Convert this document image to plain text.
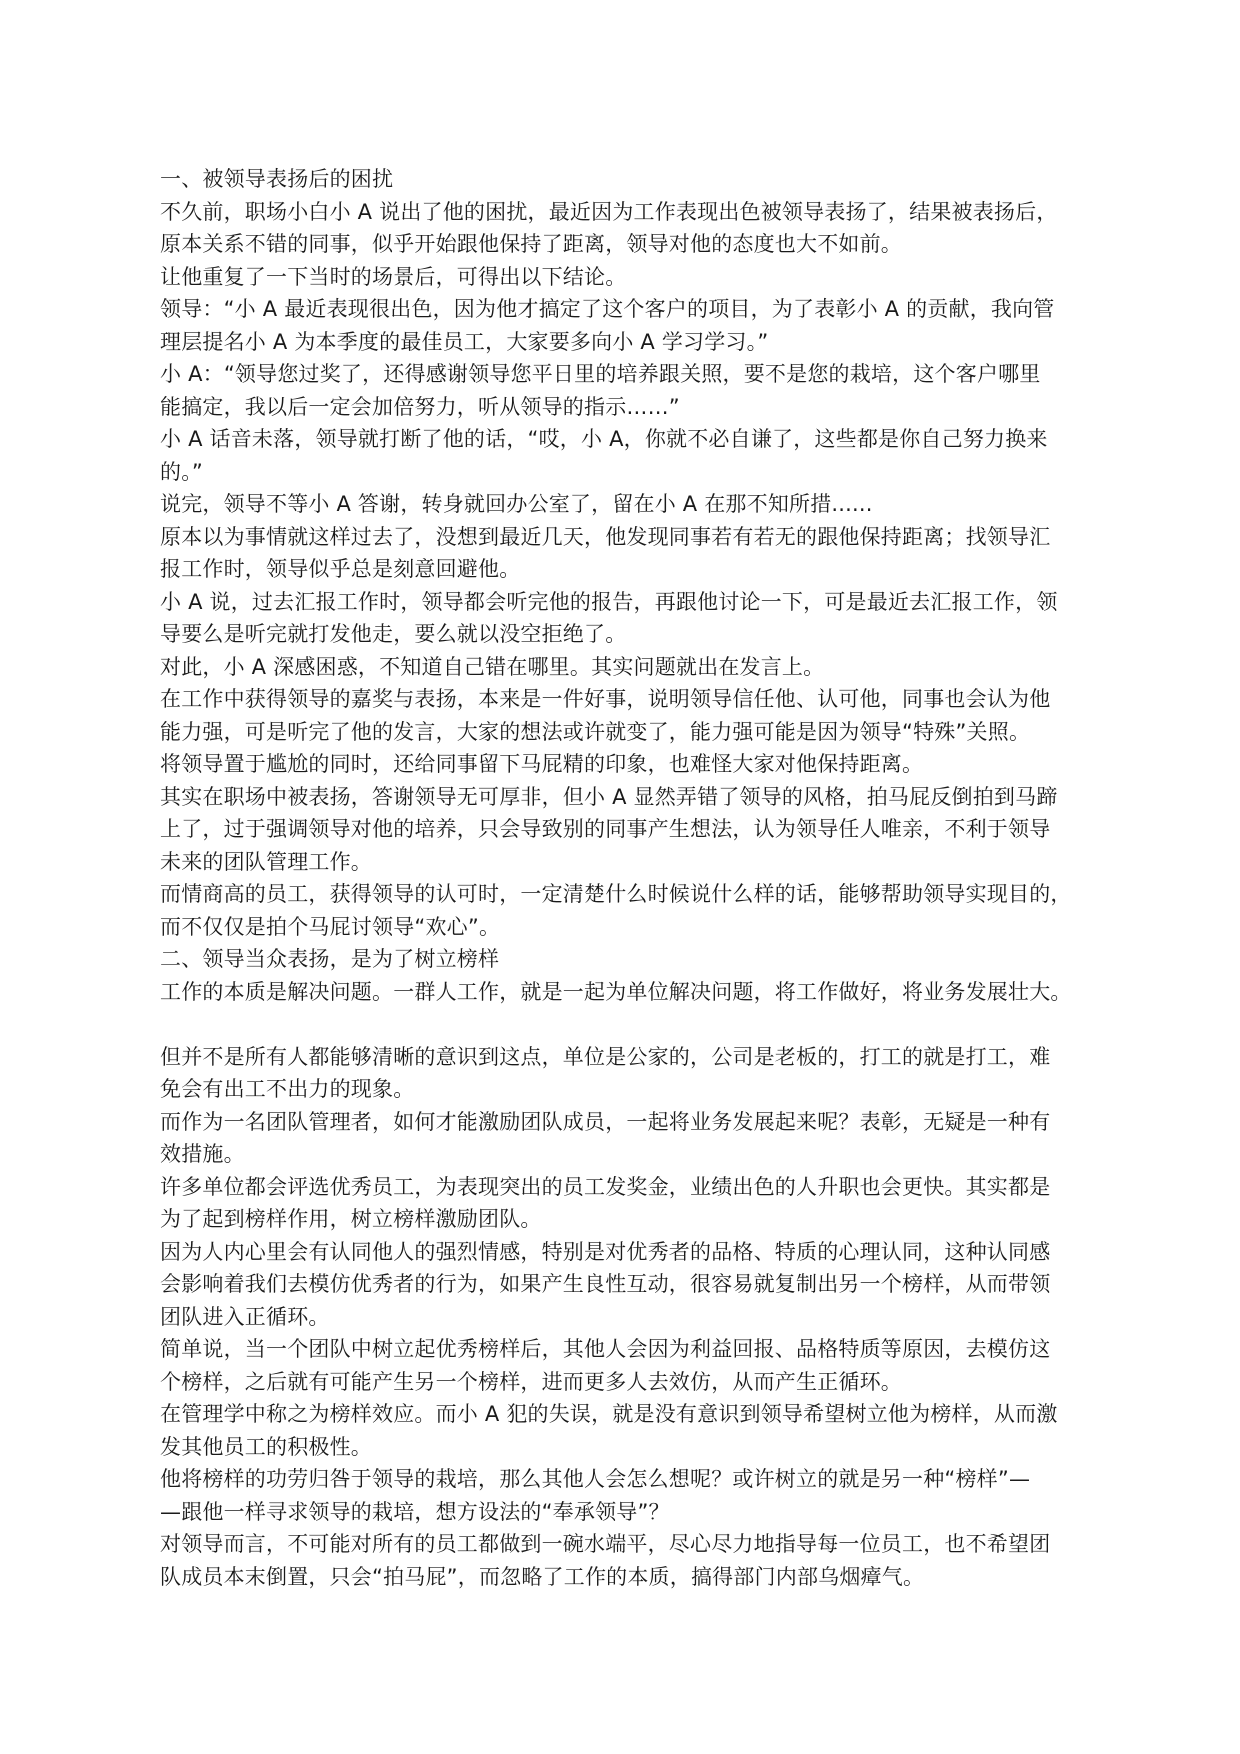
一、被领导表扬后的困扰
不久前，职场小白小 A 说出了他的困扰，最近因为工作表现出色被领导表扬了，结果被表扬后，
原本关系不错的同事，似乎开始跟他保持了距离，领导对他的态度也大不如前。
让他重复了一下当时的场景后，可得出以下结论。
领导：“小 A 最近表现很出色，因为他才搞定了这个客户的项目，为了表彰小 A 的贡献，我向管
理层提名小 A 为本季度的最佳员工，大家要多向小 A 学习学习。”
小 A：“领导您过奖了，还得感谢领导您平日里的培养跟关照，要不是您的栽培，这个客户哪里
能搞定，我以后一定会加倍努力，听从领导的指示……”
小 A 话音未落，领导就打断了他的话，“哎，小 A，你就不必自谦了，这些都是你自己努力换来
的。”
说完，领导不等小 A 答谢，转身就回办公室了，留在小 A 在那不知所措......
原本以为事情就这样过去了，没想到最近几天，他发现同事若有若无的跟他保持距离；找领导汇
报工作时，领导似乎总是刻意回避他。
小 A 说，过去汇报工作时，领导都会听完他的报告，再跟他讨论一下，可是最近去汇报工作，领
导要么是听完就打发他走，要么就以没空拒绝了。
对此，小 A 深感困惑，不知道自己错在哪里。其实问题就出在发言上。
在工作中获得领导的嘉奖与表扬，本来是一件好事，说明领导信任他、认可他，同事也会认为他
能力强，可是听完了他的发言，大家的想法或许就变了，能力强可能是因为领导“特殊”关照。
将领导置于尴尬的同时，还给同事留下马屁精的印象，也难怪大家对他保持距离。
其实在职场中被表扬，答谢领导无可厚非，但小 A 显然弄错了领导的风格，拍马屁反倒拍到马蹄
上了，过于强调领导对他的培养，只会导致别的同事产生想法，认为领导任人唯亲，不利于领导
未来的团队管理工作。
而情商高的员工，获得领导的认可时，一定清楚什么时候说什么样的话，能够帮助领导实现目的，
而不仅仅是拍个马屁讨领导“欢心”。
二、领导当众表扬，是为了树立榜样
工作的本质是解决问题。一群人工作，就是一起为单位解决问题，将工作做好，将业务发展壮大。
但并不是所有人都能够清晰的意识到这点，单位是公家的，公司是老板的，打工的就是打工，难
免会有出工不出力的现象。
而作为一名团队管理者，如何才能激励团队成员，一起将业务发展起来呢？表彰，无疑是一种有
效措施。
许多单位都会评选优秀员工，为表现突出的员工发奖金，业绩出色的人升职也会更快。其实都是
为了起到榜样作用，树立榜样激励团队。
因为人内心里会有认同他人的强烈情感，特别是对优秀者的品格、特质的心理认同，这种认同感
会影响着我们去模仿优秀者的行为，如果产生良性互动，很容易就复制出另一个榜样，从而带领
团队进入正循环。
简单说，当一个团队中树立起优秀榜样后，其他人会因为利益回报、品格特质等原因，去模仿这
个榜样，之后就有可能产生另一个榜样，进而更多人去效仿，从而产生正循环。
在管理学中称之为榜样效应。而小 A 犯的失误，就是没有意识到领导希望树立他为榜样，从而激
发其他员工的积极性。
他将榜样的功劳归咎于领导的栽培，那么其他人会怎么想呢？或许树立的就是另一种“榜样”—
—跟他一样寻求领导的栽培，想方设法的“奉承领导”？
对领导而言，不可能对所有的员工都做到一碗水端平，尽心尽力地指导每一位员工，也不希望团
队成员本末倒置，只会“拍马屁”，而忽略了工作的本质，搞得部门内部乌烟瘴气。
